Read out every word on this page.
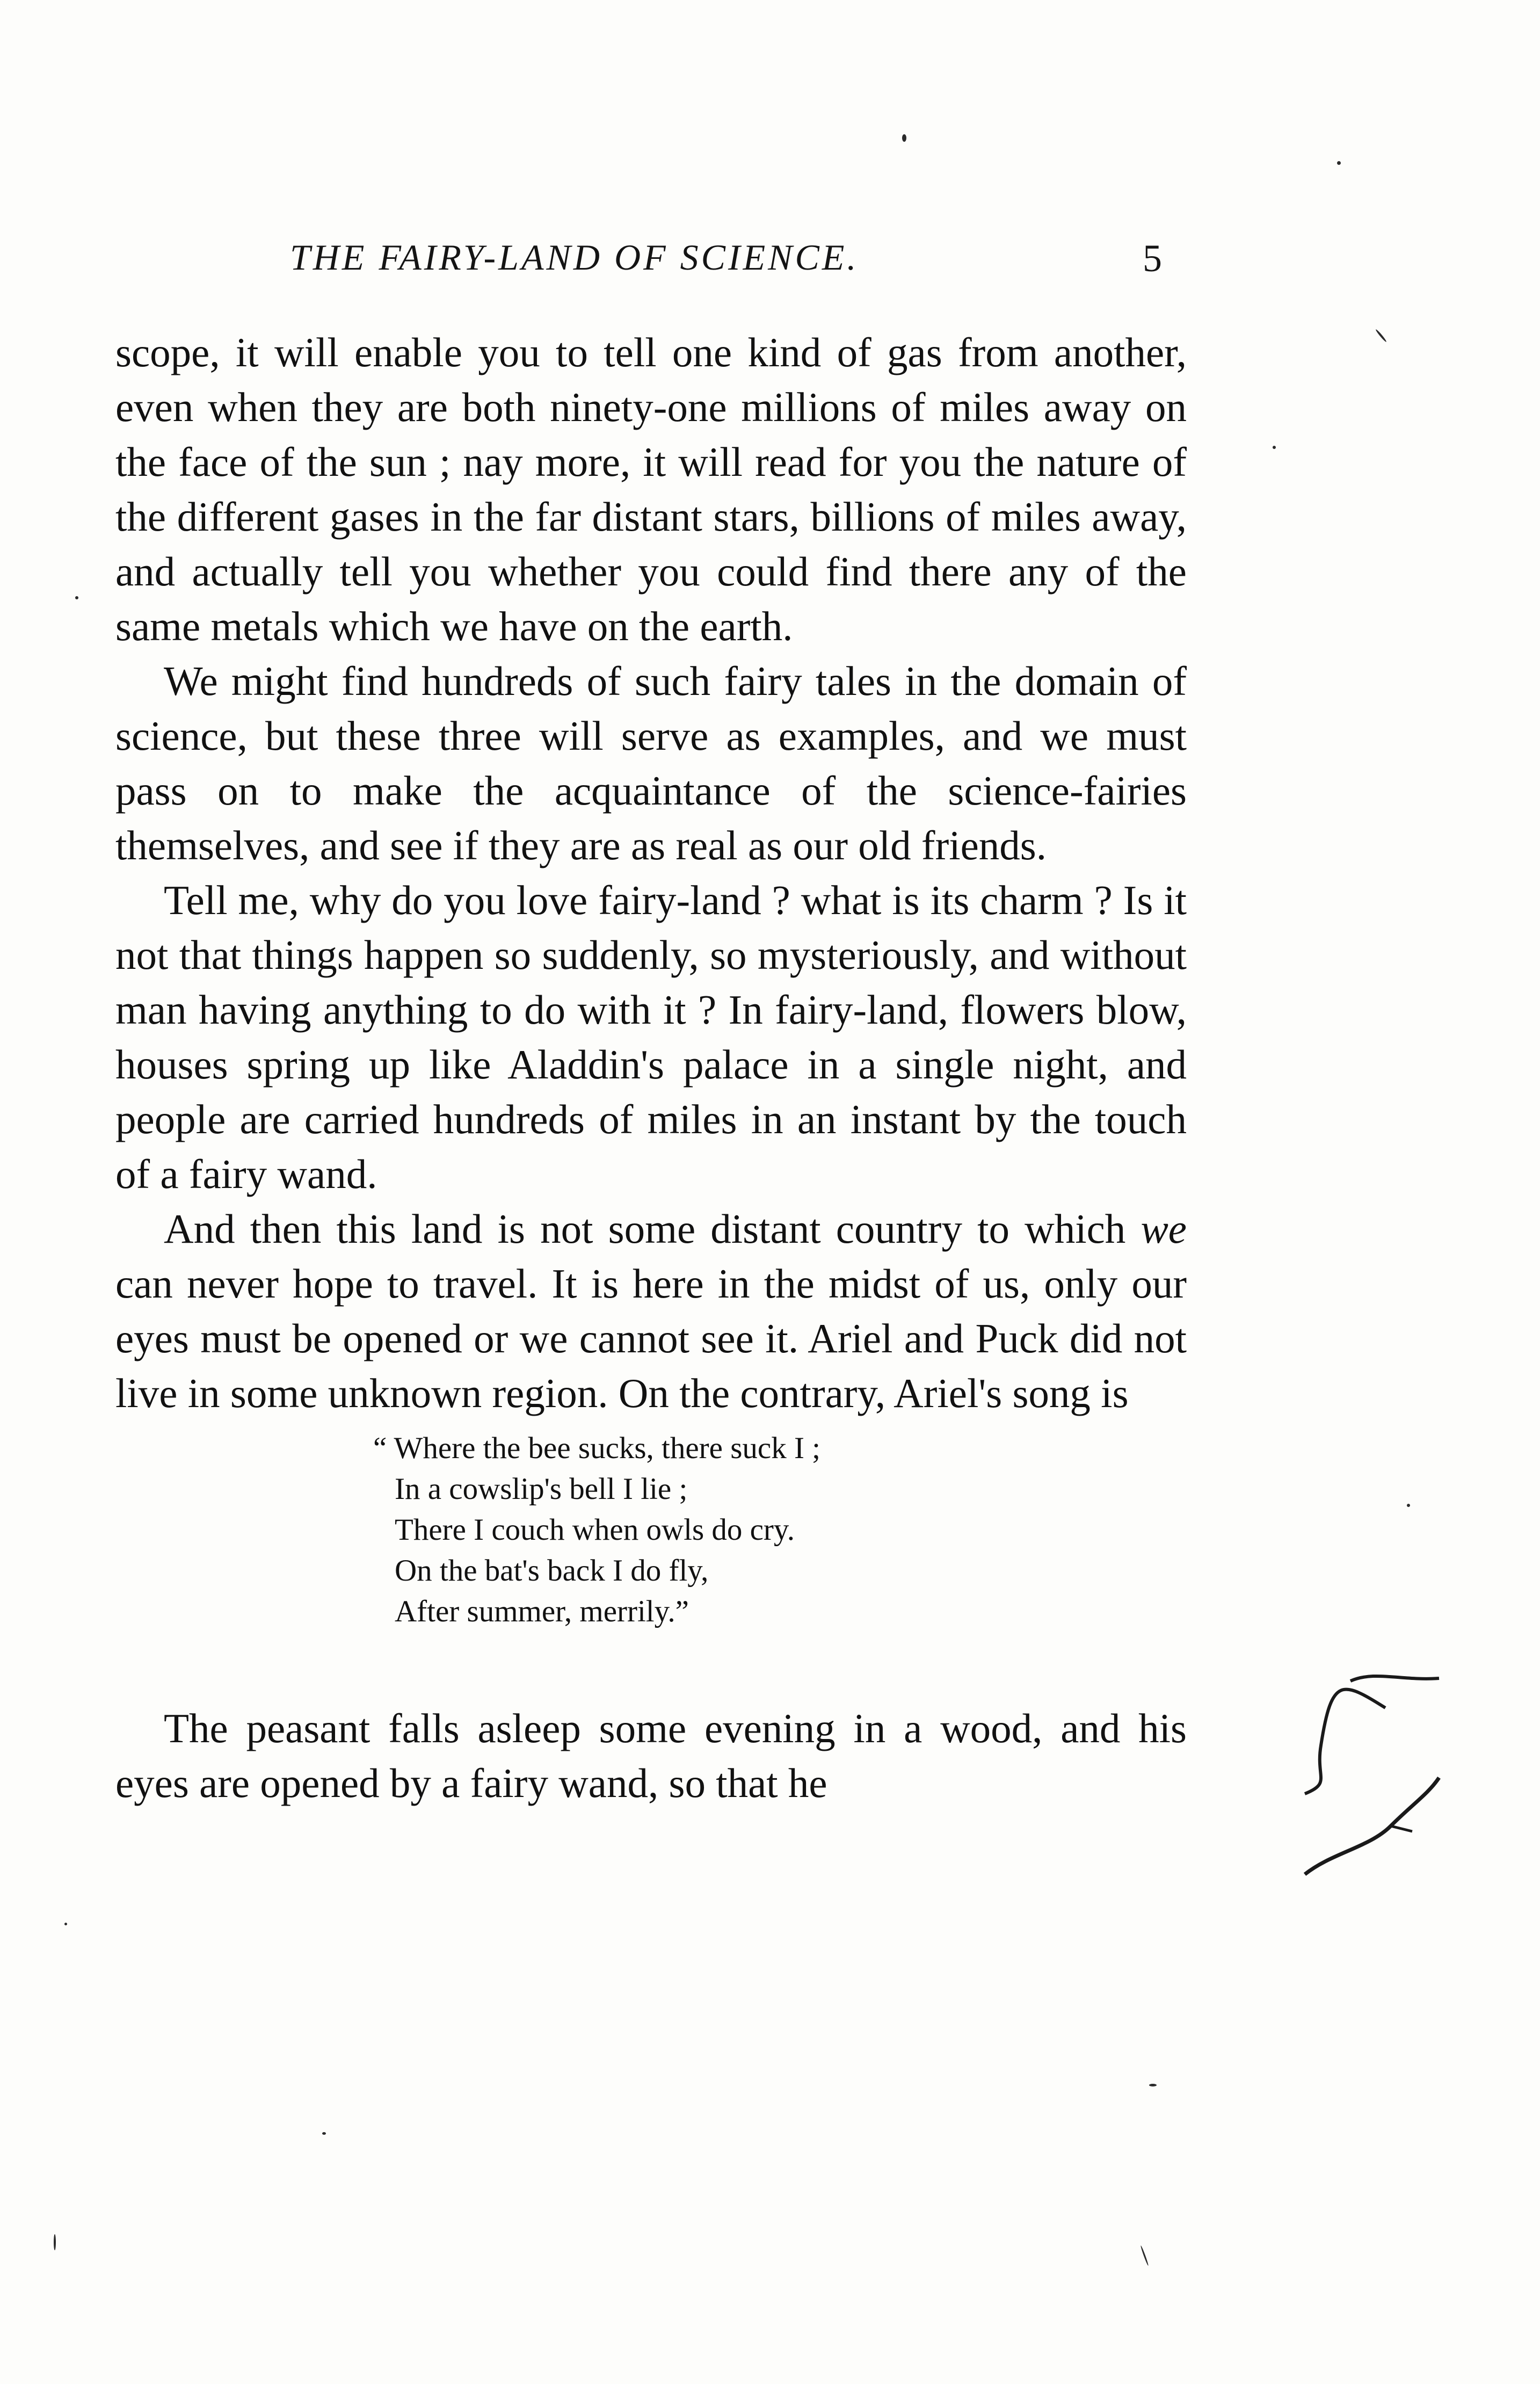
THE FAIRY-LAND OF SCIENCE.	5

scope, it will enable you to tell one kind of gas from another, even when they are both ninety-one millions of miles away on the face of the sun ; nay more, it will read for you the nature of the different gases in the far distant stars, billions of miles away, and actually tell you whether you could find there any of the same metals which we have on the earth.

We might find hundreds of such fairy tales in the domain of science, but these three will serve as examples, and we must pass on to make the acquaintance of the science-fairies themselves, and see if they are as real as our old friends.

Tell me, why do you love fairy-land ? what is its charm ? Is it not that things happen so suddenly, so mysteriously, and without man having anything to do with it ? In fairy-land, flowers blow, houses spring up like Aladdin's palace in a single night, and people are carried hundreds of miles in an instant by the touch of a fairy wand.

And then this land is not some distant country to which we can never hope to travel. It is here in the midst of us, only our eyes must be opened or we cannot see it. Ariel and Puck did not live in some unknown region. On the contrary, Ariel's song is

“ Where the bee sucks, there suck I ;
In a cowslip's bell I lie ;
There I couch when owls do cry.
On the bat's back I do fly,
After summer, merrily.”

The peasant falls asleep some evening in a wood, and his eyes are opened by a fairy wand, so that he
